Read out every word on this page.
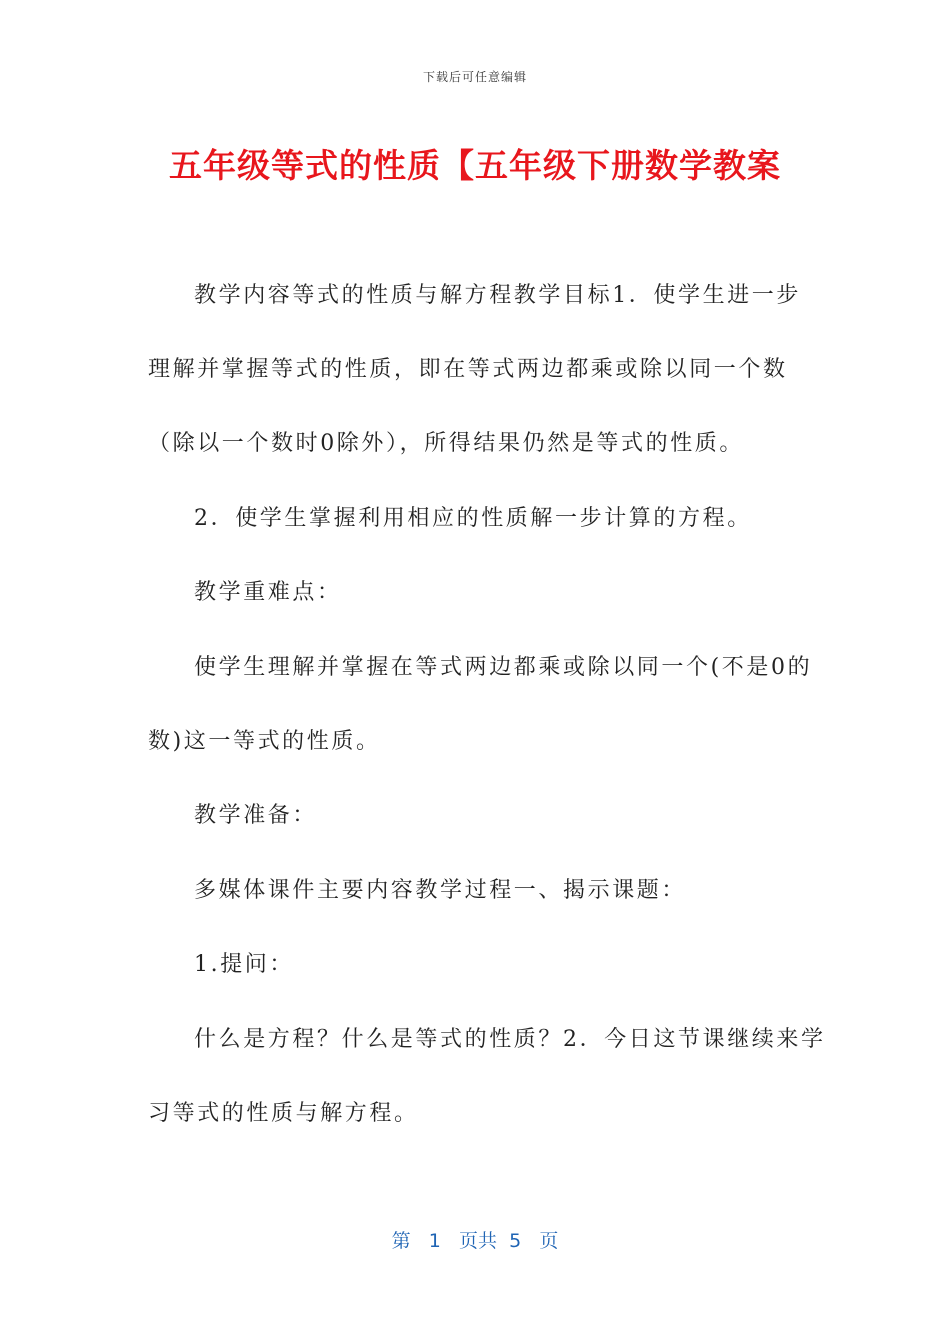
下载后可任意编辑
五年级等式的性质【五年级下册数学教案
教学内容等式的性质与解方程教学目标1．使学生进一步
理解并掌握等式的性质，即在等式两边都乘或除以同一个数
（除以一个数时0除外），所得结果仍然是等式的性质。
2．使学生掌握利用相应的性质解一步计算的方程。
教学重难点：
使学生理解并掌握在等式两边都乘或除以同一个(不是0的
数)这一等式的性质。
教学准备：
多媒体课件主要内容教学过程一、揭示课题：
1.提问：
什么是方程？什么是等式的性质？2．今日这节课继续来学
习等式的性质与解方程。
第 1 页共 5 页
